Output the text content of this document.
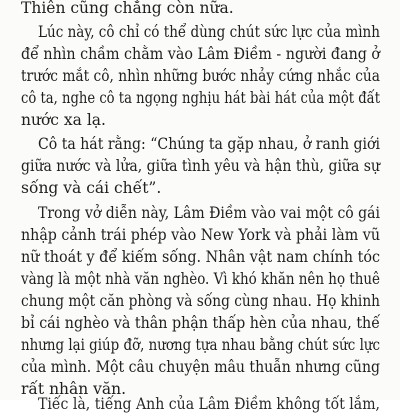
Thiên cũng chẳng còn nữa.
Lúc này, cô chỉ có thể dùng chút sức lực của mình
để nhìn chầm chằm vào Lâm Điềm - người đang ở
trước mắt cô, nhìn những bước nhảy cứng nhắc của
cô ta, nghe cô ta ngọng nghịu hát bài hát của một đất
nước xa lạ.
Cô ta hát rằng: “Chúng ta gặp nhau, ở ranh giới
giữa nước và lửa, giữa tình yêu và hận thù, giữa sự
sống và cái chết”.
Trong vở diễn này, Lâm Điềm vào vai một cô gái
nhập cảnh trái phép vào New York và phải làm vũ
nữ thoát y để kiếm sống. Nhân vật nam chính tóc
vàng là một nhà văn nghèo. Vì khó khăn nên họ thuê
chung một căn phòng và sống cùng nhau. Họ khinh
bỉ cái nghèo và thân phận thấp hèn của nhau, thế
nhưng lại giúp đỡ, nương tựa nhau bằng chút sức lực
của mình. Một câu chuyện mâu thuẫn nhưng cũng
rất nhân văn.
Tiếc là, tiếng Anh của Lâm Điềm không tốt lắm,
